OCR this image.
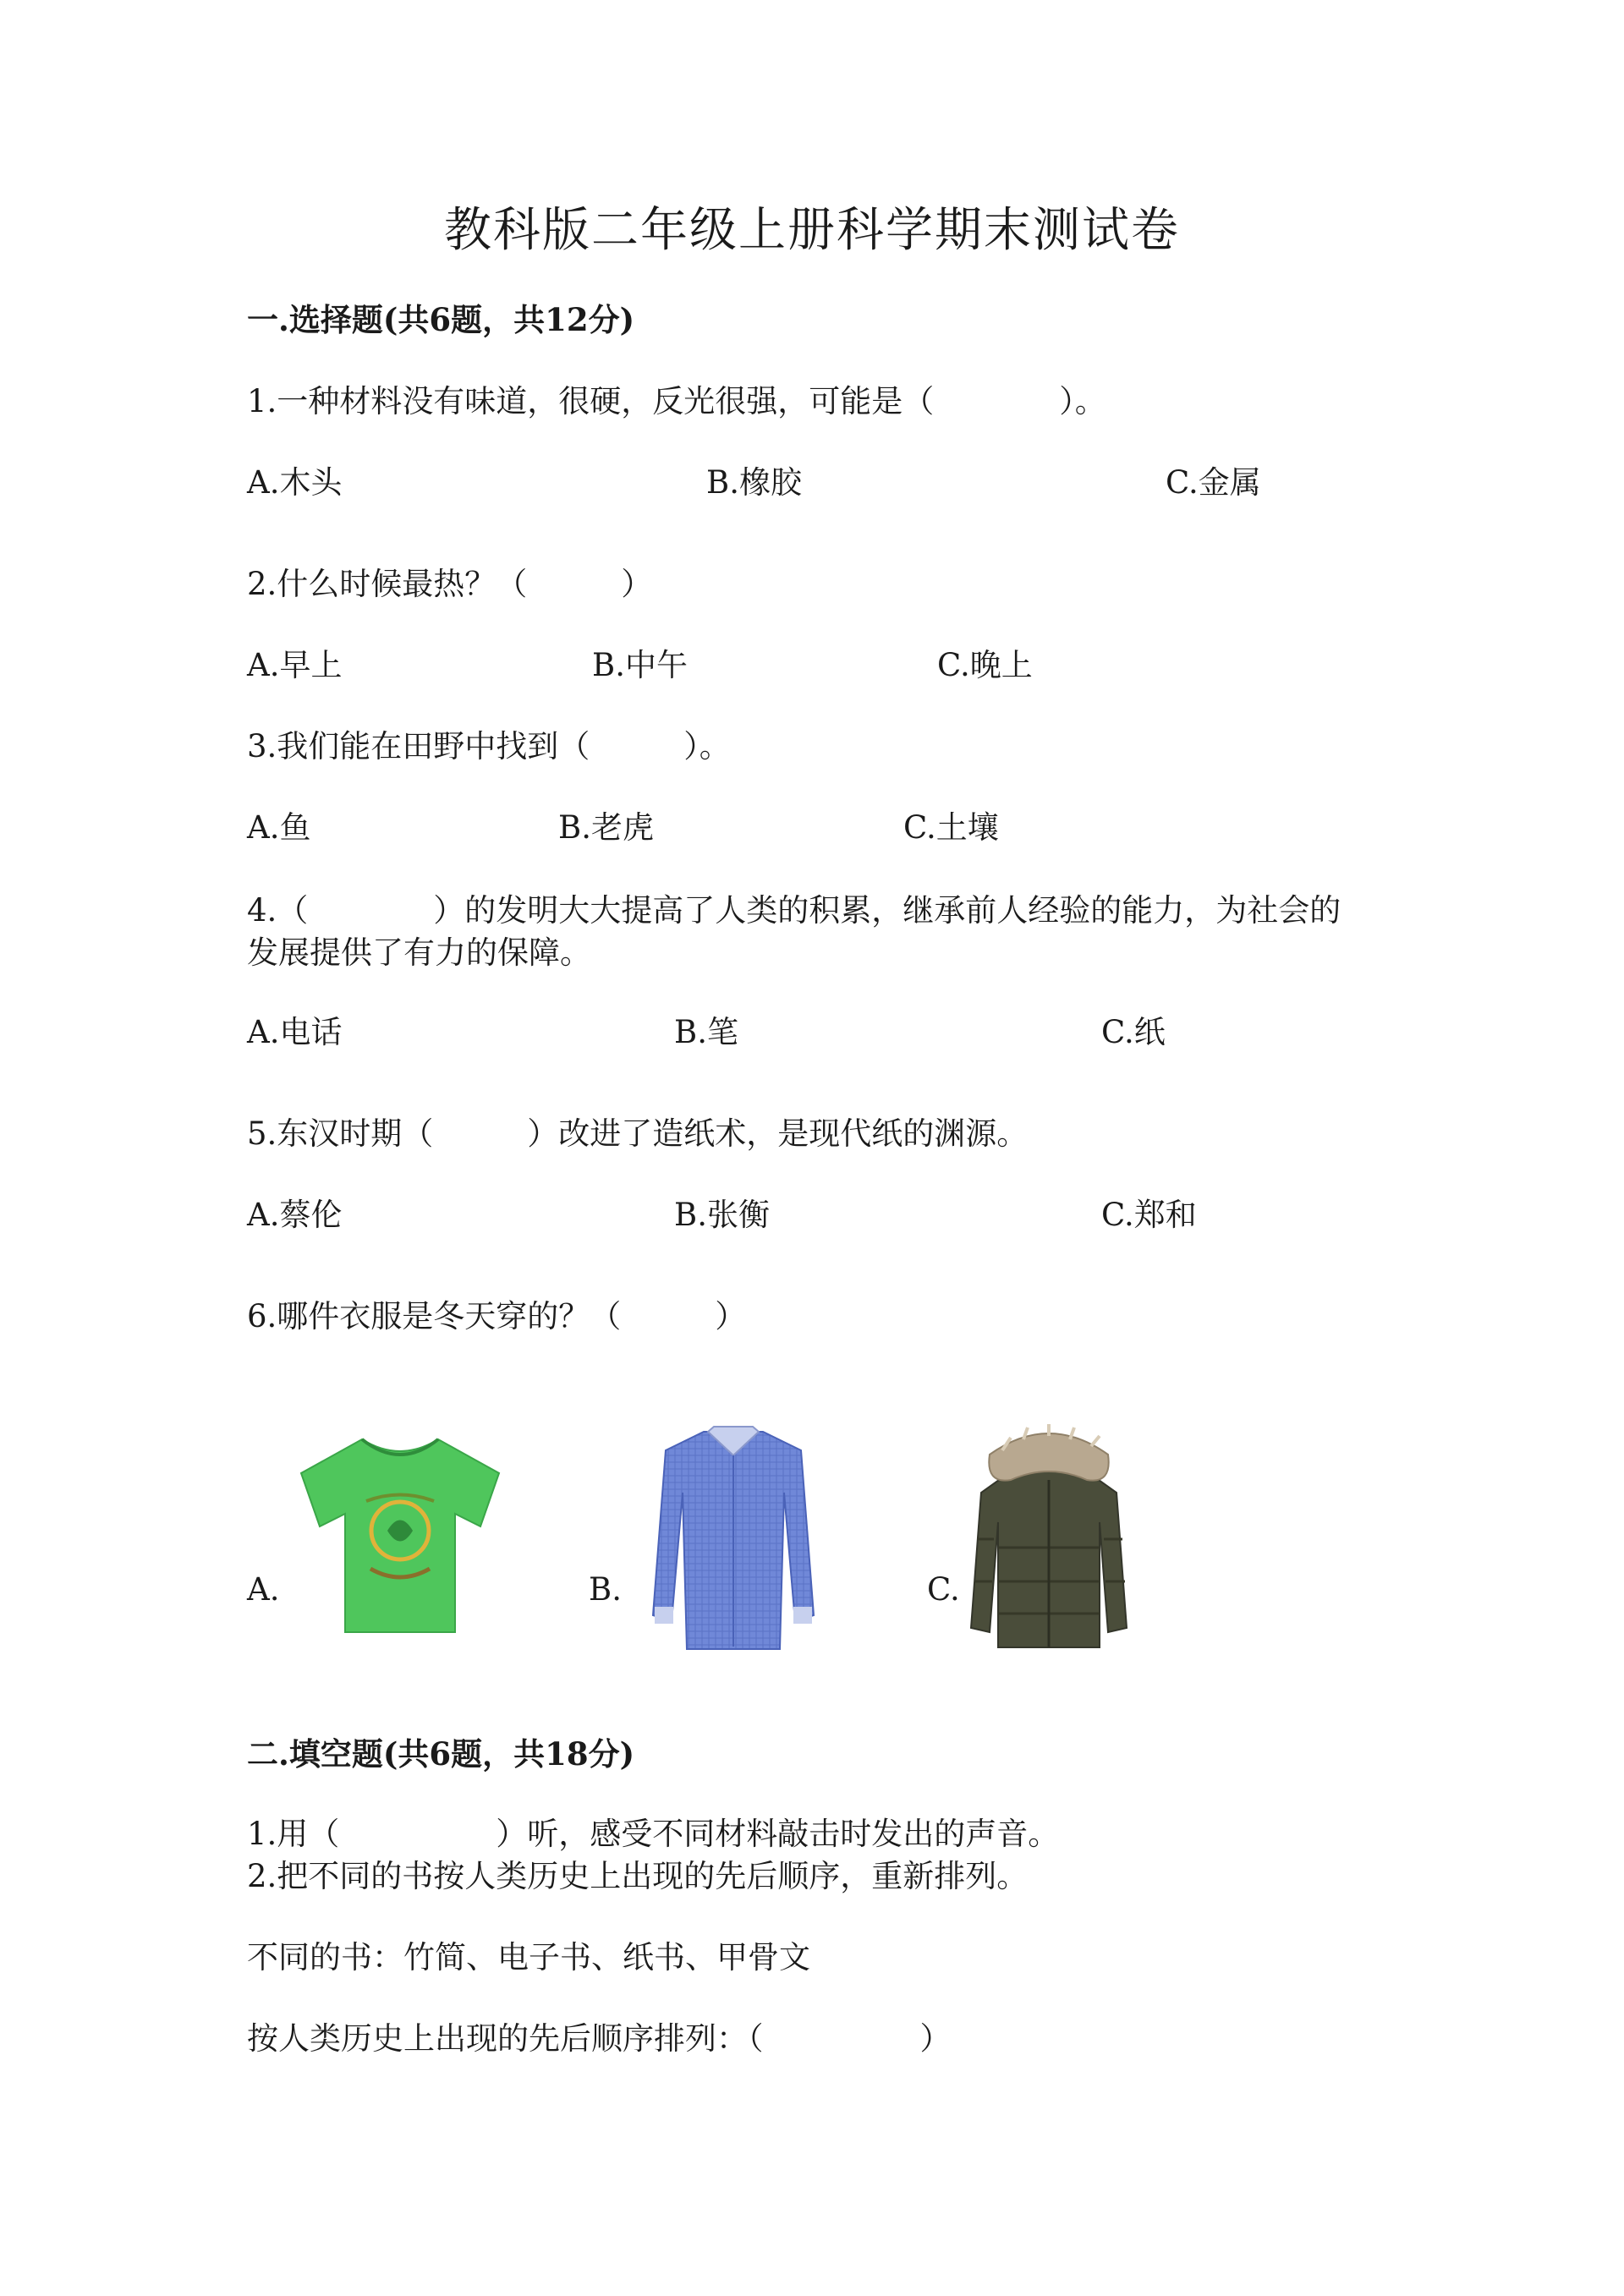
教科版二年级上册科学期末测试卷
一.选择题(共6题，共12分)
1.一种材料没有味道，很硬，反光很强，可能是（　　　　）。
A.木头	B.橡胶	C.金属
2.什么时候最热？（　　　）
A.早上	B.中午	C.晚上
3.我们能在田野中找到（　　　）。
A.鱼	B.老虎	C.土壤
4.（　　　　）的发明大大提高了人类的积累，继承前人经验的能力，为社会的
发展提供了有力的保障。
A.电话	B.笔	C.纸
5.东汉时期（　　　）改进了造纸术，是现代纸的渊源。
A.蔡伦	B.张衡	C.郑和
6.哪件衣服是冬天穿的？（　　　）
A.	B.	C.
二.填空题(共6题，共18分)
1.用（　　　　　）听，感受不同材料敲击时发出的声音。
2.把不同的书按人类历史上出现的先后顺序，重新排列。
不同的书：竹简、电子书、纸书、甲骨文
按人类历史上出现的先后顺序排列：（　　　　　）
